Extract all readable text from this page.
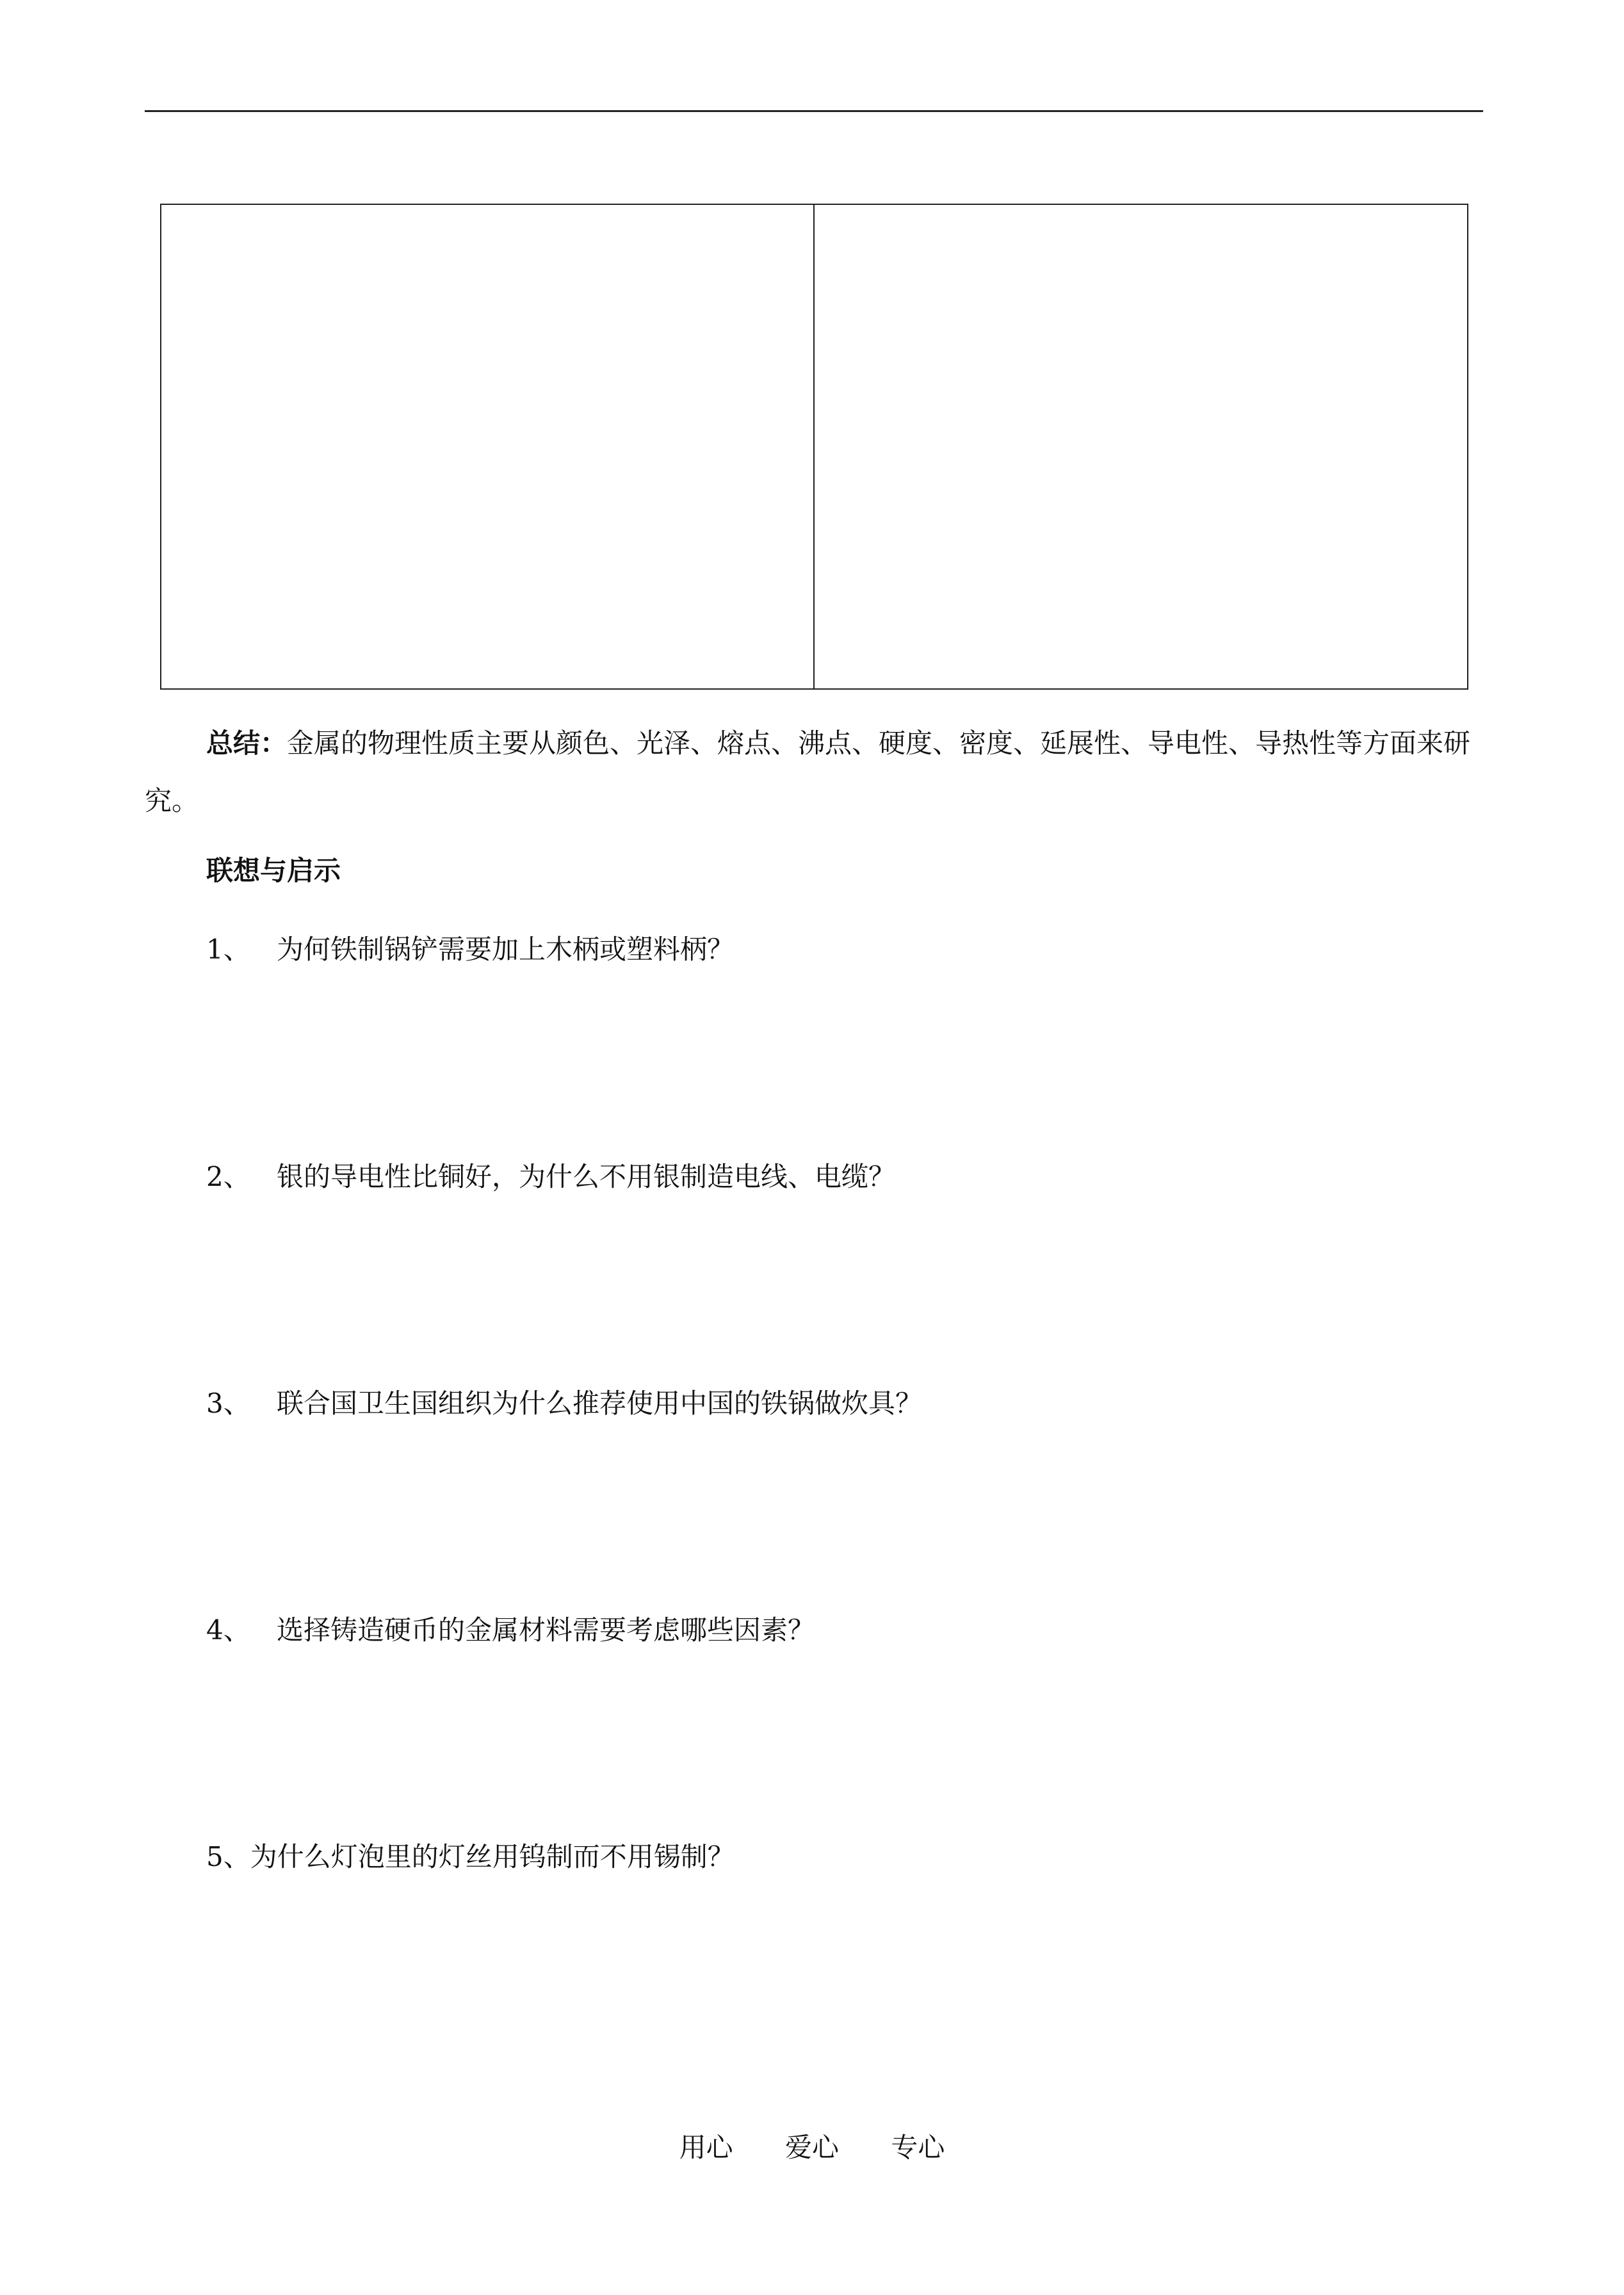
总结：金属的物理性质主要从颜色、光泽、熔点、沸点、硬度、密度、延展性、导电性、导热性等方面来研究。

联想与启示

1、 为何铁制锅铲需要加上木柄或塑料柄？

2、 银的导电性比铜好，为什么不用银制造电线、电缆？

3、 联合国卫生国组织为什么推荐使用中国的铁锅做炊具？

4、 选择铸造硬币的金属材料需要考虑哪些因素？

5、 为什么灯泡里的灯丝用钨制而不用锡制？

用心 爱心 专心
